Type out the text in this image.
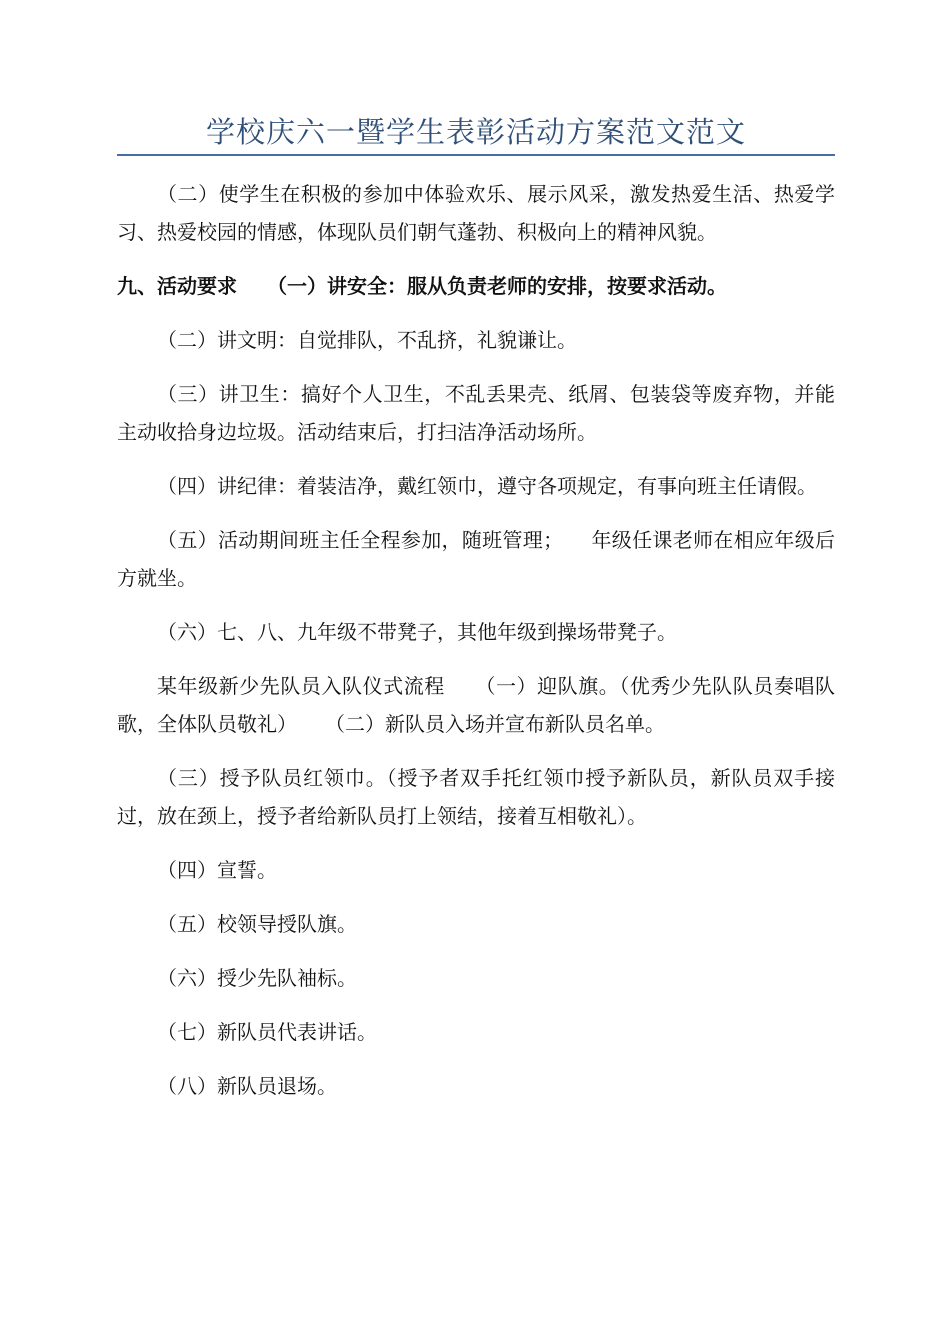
学校庆六一暨学生表彰活动方案范文范文

（二）使学生在积极的参加中体验欢乐、展示风采，激发热爱生活、热爱学习、热爱校园的情感，体现队员们朝气蓬勃、积极向上的精神风貌。

九、活动要求 （一）讲安全：服从负责老师的安排，按要求活动。

（二）讲文明：自觉排队，不乱挤，礼貌谦让。

（三）讲卫生：搞好个人卫生，不乱丢果壳、纸屑、包装袋等废弃物，并能主动收拾身边垃圾。活动结束后，打扫洁净活动场所。

（四）讲纪律：着装洁净，戴红领巾，遵守各项规定，有事向班主任请假。

（五）活动期间班主任全程参加，随班管理； 年级任课老师在相应年级后方就坐。

（六）七、八、九年级不带凳子，其他年级到操场带凳子。

某年级新少先队员入队仪式流程 （一）迎队旗。（优秀少先队队员奏唱队歌，全体队员敬礼） （二）新队员入场并宣布新队员名单。

（三）授予队员红领巾。（授予者双手托红领巾授予新队员，新队员双手接过，放在颈上，授予者给新队员打上领结，接着互相敬礼）。

（四）宣誓。

（五）校领导授队旗。

（六）授少先队袖标。

（七）新队员代表讲话。

（八）新队员退场。
